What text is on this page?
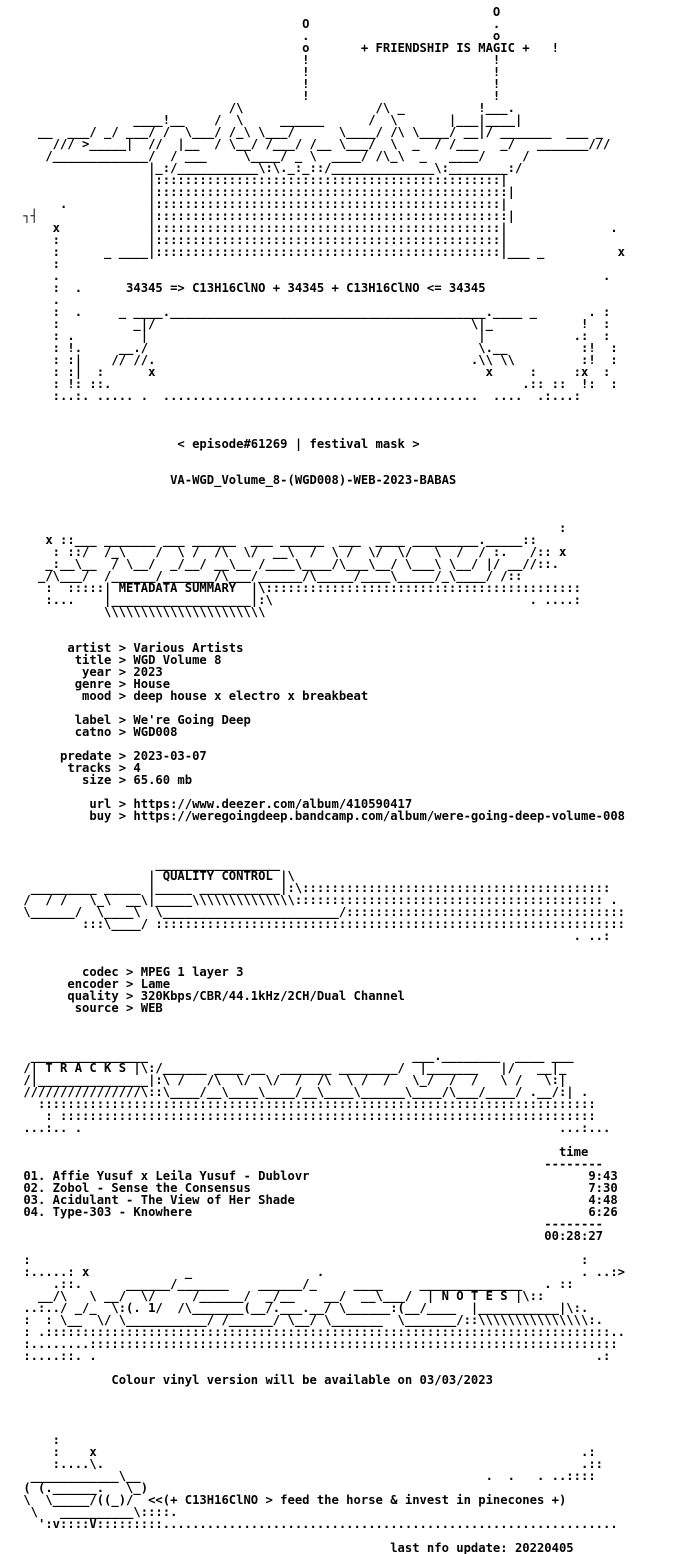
O
O                         .
.                         o
o       + FRIENDSHIP IS MAGIC +   !
!                         !
!                         !
!                         !
!                         !
/\                  /\ _          !___.
____!__    /  \     ______      /  \       |___|____|
__  ___/ _/ ___/ /  \___/ /_\ \___/      \____/ /\ \____/ __|/ _______  ___ _
/// >_____|  //  |__  / \__/ /___/ /__ \___/  \  _  / /___   _/   _______///
/_____________/  / ___     \____/ _ \  ____/ /\_\  _   ____/     /
|_:/___________\:\._:_::/______________\:________:/
|:::::::::::::::::::::::::::::::::::::::::::::::|
|::::::::::::::::::::::::::::::::::::::::::::::::|
.           |:::::::::::::::::::::::::::::::::::::::::::::::|
┐┤               |::::::::::::::::::::::::::::::::::::::::::::::::|
x            |:::::::::::::::::::::::::::::::::::::::::::::::|              .
:            |:::::::::::::::::::::::::::::::::::::::::::::::|
:      _ ____|:::::::::::::::::::::::::::::::::::::::::::::::|___ _          x
:
.                                                                          .
:  .      34345 => C13H16ClNO + 34345 + C13H16ClNO <= 34345
.
:  .     _ ____.___________________________________________.____ _       . :
:          _|/                                           \|_            !  :
: .         |                                             |            .:  :
: !.     __./                                             \.__          :!  :
: :|    // //.                                           .\\ \\         :!  :
: :|  :      x                                             x     :     :x  :
: !: ::.                                                        .:: ::  !:  :
:..:. ..... .  ...........................................  ....  .:...:

< episode#61269 | festival mask >

VA-WGD_Volume_8-(WGD008)-WEB-2023-BABAS

:
x ::___ _______ ___ ______  ___ ______  ___  ____ _________._____::
: ::/  /_\    /  \ /  /\  \/  __\  /  \ /  \/  \/   \  /  / :.   /:: x
_:__\__  / \__/  _/__/ __\__ /____\____/\___\__/ \___\ \__/ |/ __//::.
_/\___/  /______/_______/\___/______/\_____/____\_____/_\____/ /::
:  :::::| METADATA SUMMARY  |\:::::::::::::::::::::::::::::::::::::::::::
:...    |___________________|:\                                   . ....:
\\\\\\\\\\\\\\\\\\\\\\

artist > Various Artists
title > WGD Volume 8
year > 2023
genre > House
mood > deep house x electro x breakbeat

label > We're Going Deep
catno > WGD008

predate > 2023-03-07
tracks > 4
size > 65.60 mb

url > https://www.deezer.com/album/410590417
buy > https://weregoingdeep.bandcamp.com/album/were-going-deep-volume-008

_________________
| QUALITY CONTROL |\
_________ _____ |_____ ___________|:\::::::::::::::::::::::::::::::::::::::::::
/  / /   \_\  __\|_____\\\\\\\\\\\\\\:::::::::::::::::::::::::::::::::::::::::: .
\______/  \____\  \________________________/::::::::::::::::::::::::::::::::::::::
:::\____/ ::::::::::::::::::::::::::::::::::::::::::::::::::::::::::::::::
. ..:

codec > MPEG 1 layer 3
encoder > Lame
quality > 320Kbps/CBR/44.1kHz/2CH/Dual Channel
source > WEB

________________                                    ___.________  ____ ___
/| T R A C K S |\:/______ ____ __  _______ ________/  |_______   |/   __|_
/|_______________|:\ /   /\  \/  \/  /  /\  \ /  /   \_/  /  /   \ /   \:|
////////////////\::\____/__\____\____/__\____\______\____/\___/____/ .__/:| .
::::::::::::::::::::::::::::::::::::::::::::::::::::::::::::::::::::::::::::
: :::::::::::::::::::::::::::::::::::::::::::::::::::::::::::::::::::::::::
...:.. .                                                                 ...:...

time
--------
01. Affie Yusuf x Leila Yusuf - Dublovr                                      9:43
02. Zobol - Sense the Consensus                                              7:30
03. Acidulant - The View of Her Shade                                        4:48
04. Type-303 - Knowhere                                                      6:26
--------
00:28:27

:                                                                           :
:.....: x             _                 .                                   . ..:>
.::.      ______/_______    ______/_     ____     ______________   . ::
__/\   \ __/  \/     /______/  _/__    __/  __\___/  | N O T E S |\::
..:../ _/_  \:(. 1/  /\_______(__/.___.__/ \______:(__/____  |___________|\:.
:  : \__  \/ \___________/ /______/ \__/ \_______  \_______/::\\\\\\\\\\\\\\\:.
: .:::::::::::::::::::::::::::::::::::::::::::::::::::::::::::::::::::::::::::::..
:........::::::::::::::::::::::::::::::::::::::::::::::::::::::::::::::::::::::::
:....::. .                                                                    .:

Colour vinyl version will be available on 03/03/2023

:
:    x                                                                  .:
:....\.                                                                 .::
____________\__                                               .  .   . ..::::
( (.______.   \_)
\  \_____/((_)/  <<(+ C13H16ClNO > feed the horse & invest in pinecones +)
\   __________\::::.
':v::::V:::::::::..............................................................

last nfo update: 20220405
